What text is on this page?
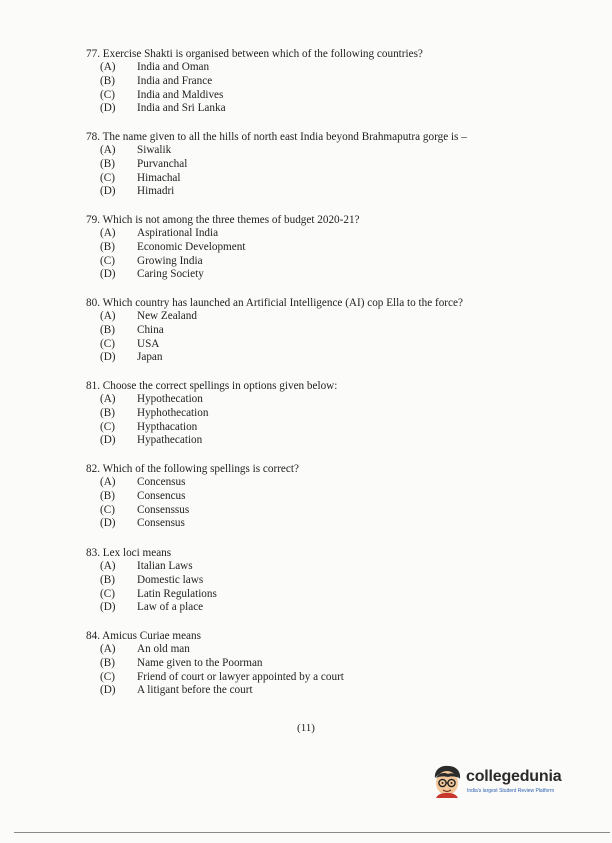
77. Exercise Shakti is organised between which of the following countries?
(A) India and Oman
(B) India and France
(C) India and Maldives
(D) India and Sri Lanka
78. The name given to all the hills of north east India beyond Brahmaputra gorge is –
(A) Siwalik
(B) Purvanchal
(C) Himachal
(D) Himadri
79. Which is not among the three themes of budget 2020-21?
(A) Aspirational India
(B) Economic Development
(C) Growing India
(D) Caring Society
80. Which country has launched an Artificial Intelligence (AI) cop Ella to the force?
(A) New Zealand
(B) China
(C) USA
(D) Japan
81. Choose the correct spellings in options given below:
(A) Hypothecation
(B) Hyphothecation
(C) Hypthacation
(D) Hypathecation
82. Which of the following spellings is correct?
(A) Concensus
(B) Consencus
(C) Consenssus
(D) Consensus
83. Lex loci means
(A) Italian Laws
(B) Domestic laws
(C) Latin Regulations
(D) Law of a place
84. Amicus Curiae means
(A) An old man
(B) Name given to the Poorman
(C) Friend of court or lawyer appointed by a court
(D) A litigant before the court
(11)
collegedunia
India's largest Student Review Platform
